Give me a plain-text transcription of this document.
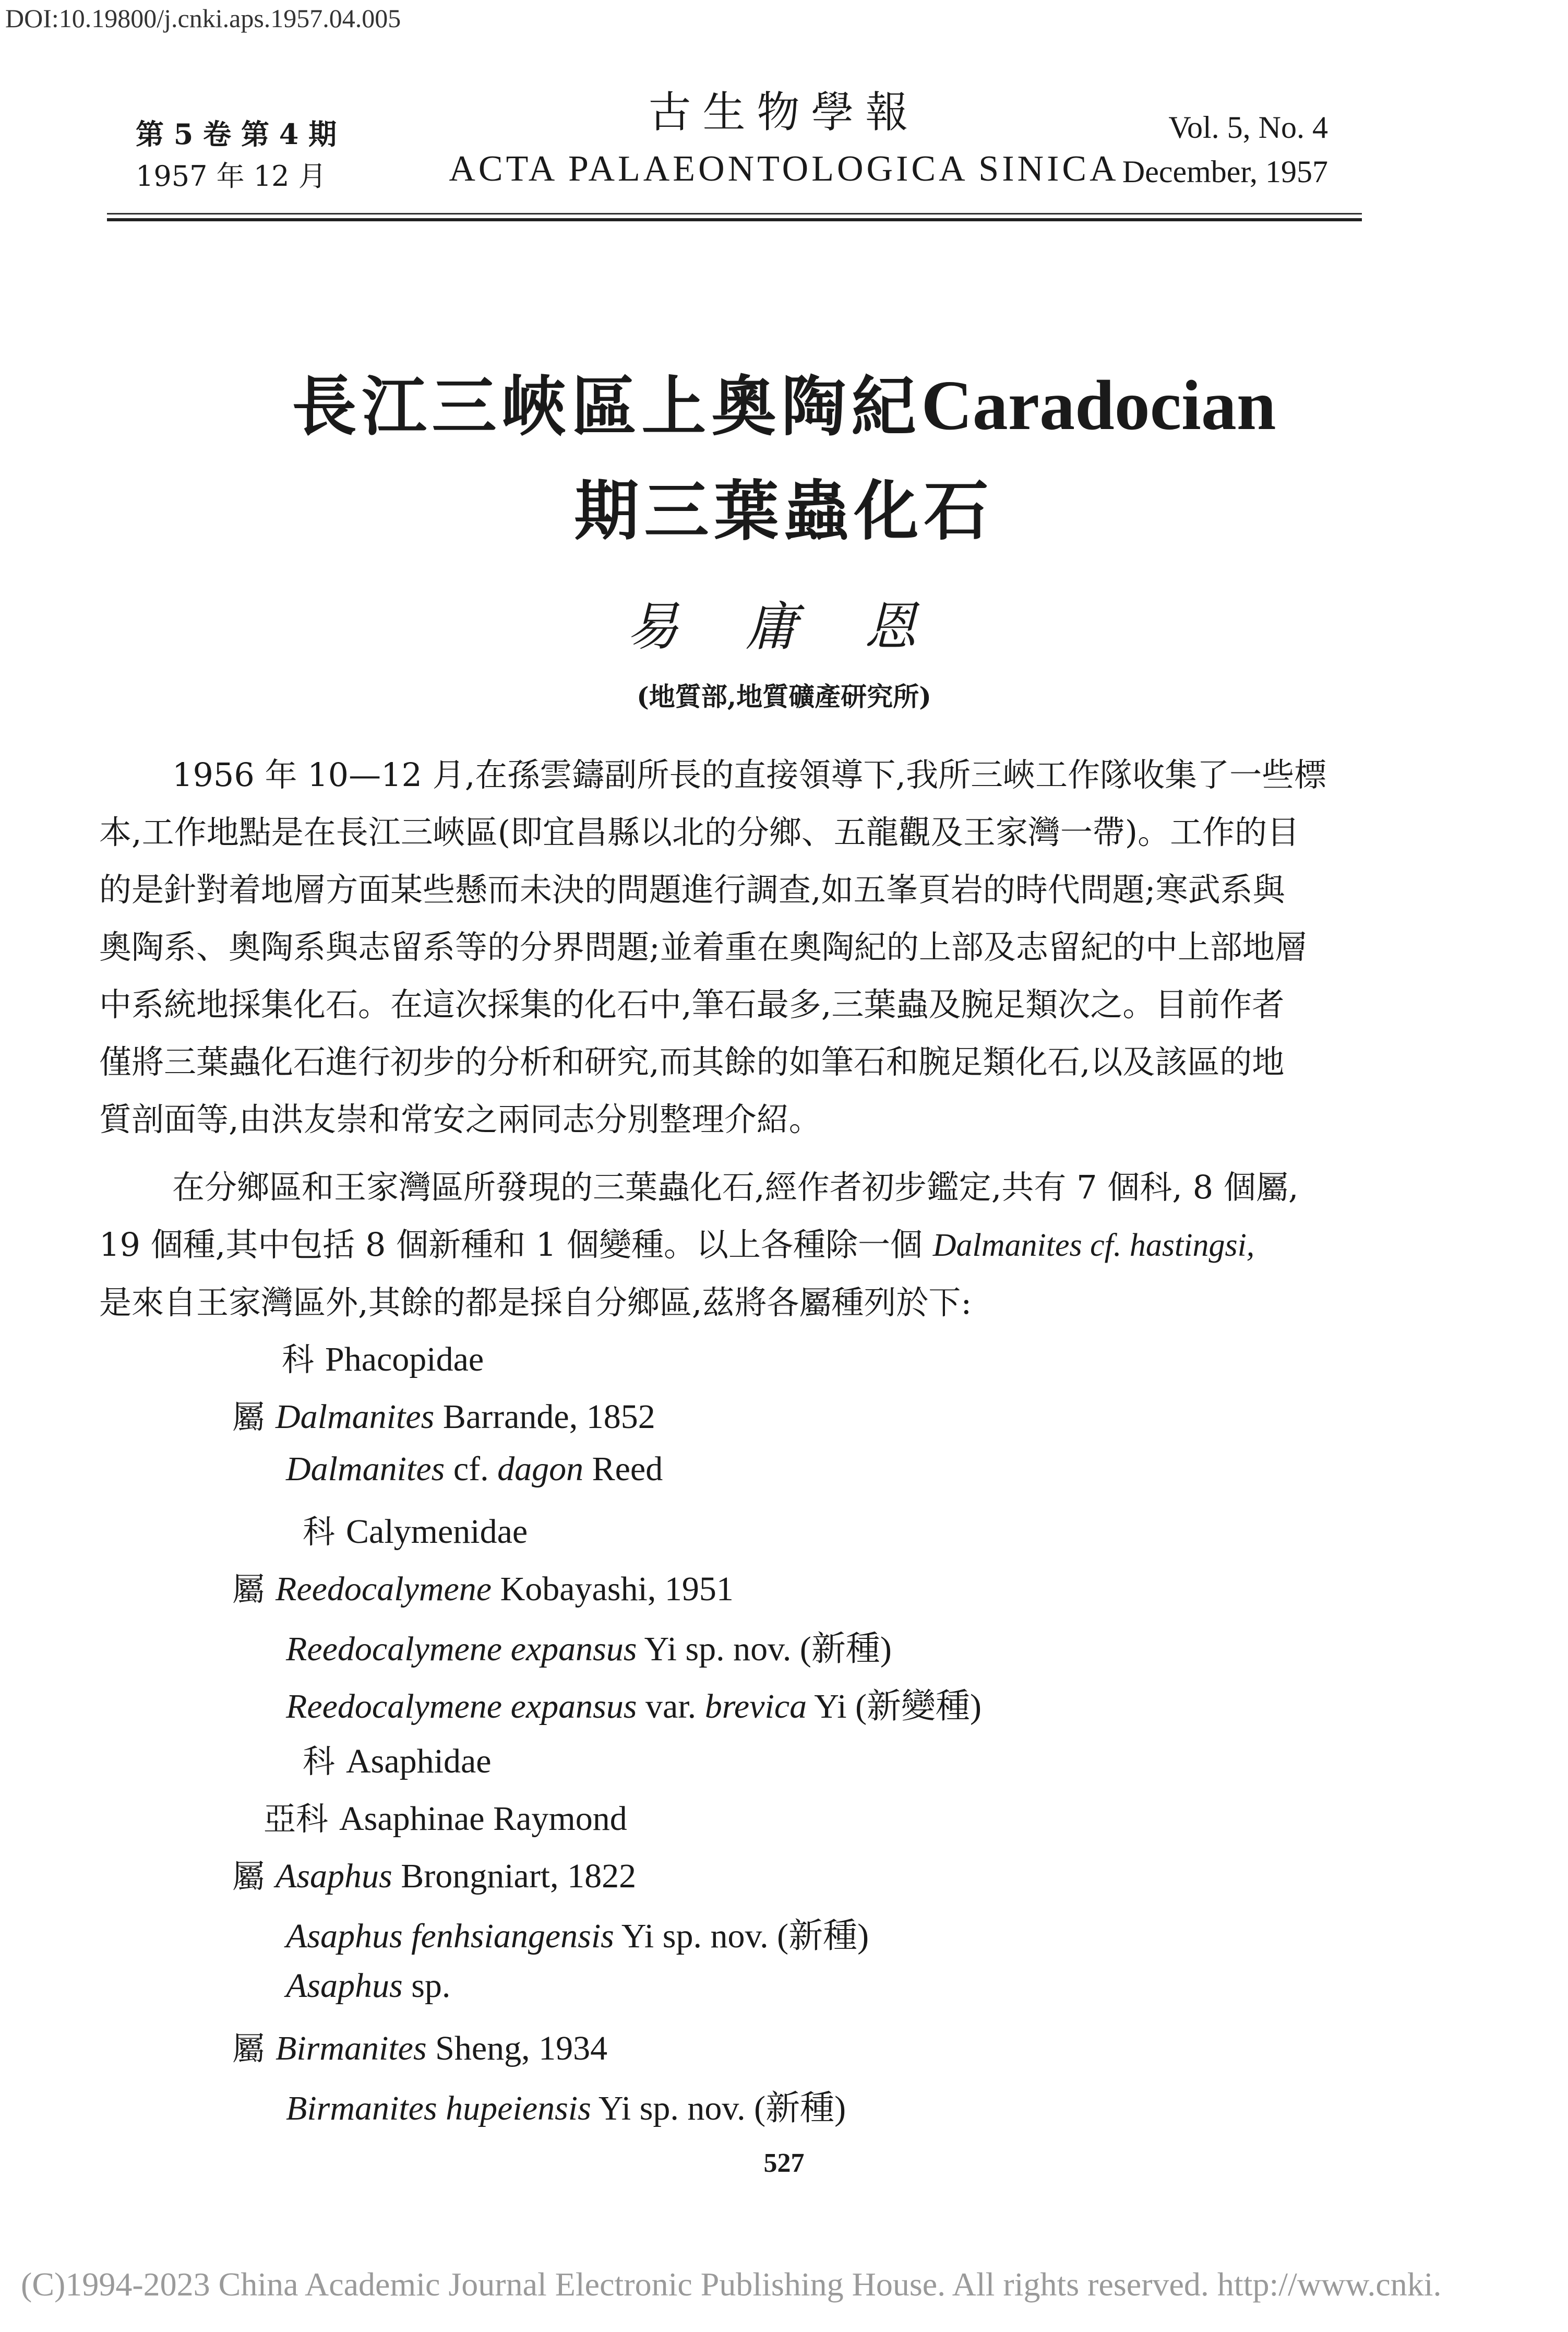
DOI:10.19800/j.cnki.aps.1957.04.005
第 5 卷 第 4 期
1957 年 12 月
古生物學報
ACTA PALAEONTOLOGICA SINICA
Vol. 5, No. 4
December, 1957
長江三峽區上奧陶紀Caradocian
期三葉蟲化石
易 庸 恩
(地質部,地質礦產研究所)
1956 年 10—12 月,在孫雲鑄副所長的直接領導下,我所三峽工作隊收集了一些標
本,工作地點是在長江三峽區(即宜昌縣以北的分鄉、五龍觀及王家灣一帶)。工作的目
的是針對着地層方面某些懸而未決的問題進行調查,如五峯頁岩的時代問題;寒武系與
奧陶系、奧陶系與志留系等的分界問題;並着重在奧陶紀的上部及志留紀的中上部地層
中系統地採集化石。在這次採集的化石中,筆石最多,三葉蟲及腕足類次之。目前作者
僅將三葉蟲化石進行初步的分析和研究,而其餘的如筆石和腕足類化石,以及該區的地
質剖面等,由洪友崇和常安之兩同志分別整理介紹。
在分鄉區和王家灣區所發現的三葉蟲化石,經作者初步鑑定,共有 7 個科, 8 個屬,
19 個種,其中包括 8 個新種和 1 個變種。以上各種除一個 Dalmanites cf. hastingsi,
是來自王家灣區外,其餘的都是採自分鄉區,茲將各屬種列於下:
科 Phacopidae
屬 Dalmanites Barrande, 1852
Dalmanites cf. dagon Reed
科 Calymenidae
屬 Reedocalymene Kobayashi, 1951
Reedocalymene expansus Yi sp. nov. (新種)
Reedocalymene expansus var. brevica Yi (新變種)
科 Asaphidae
亞科 Asaphinae Raymond
屬 Asaphus Brongniart, 1822
Asaphus fenhsiangensis Yi sp. nov. (新種)
Asaphus sp.
屬 Birmanites Sheng, 1934
Birmanites hupeiensis Yi sp. nov. (新種)
527
(C)1994-2023 China Academic Journal Electronic Publishing House. All rights reserved. http://www.cnki.
